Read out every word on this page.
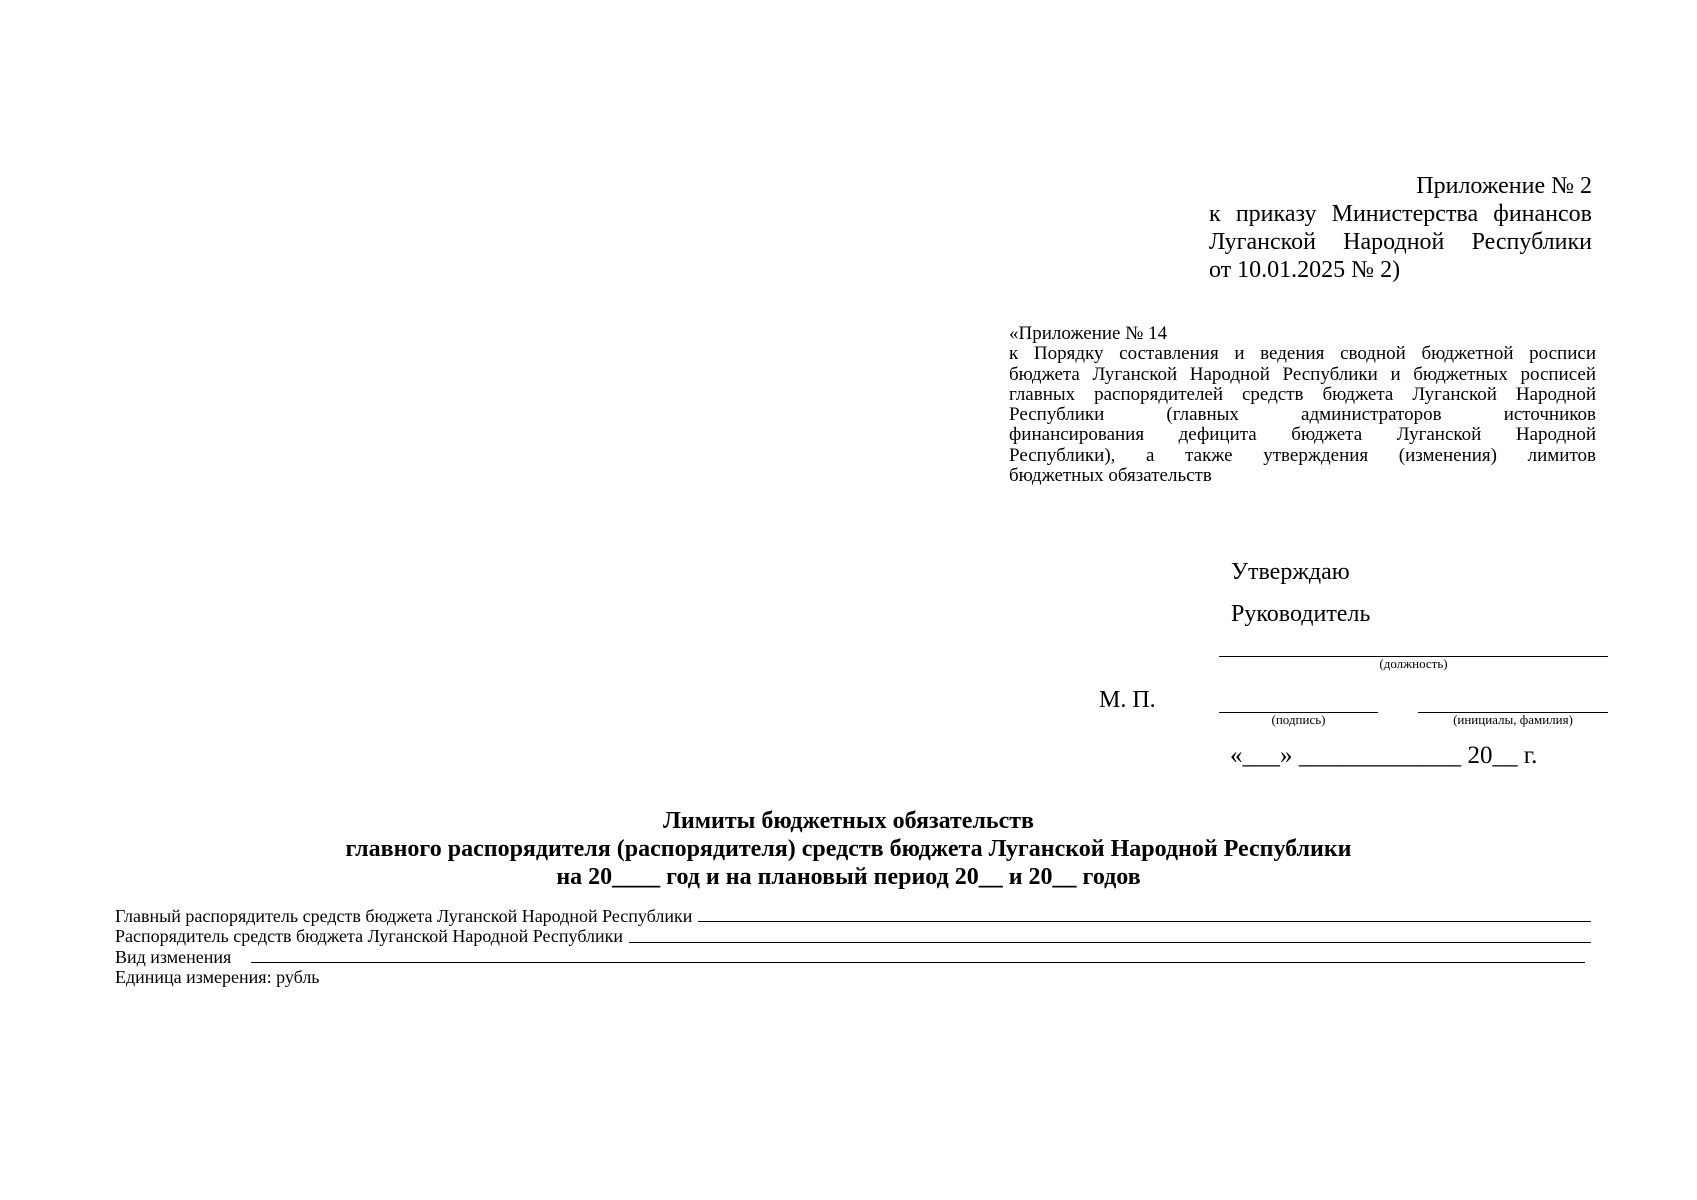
Приложение № 2
к приказу Министерства финансов
Луганской Народной Республики
от 10.01.2025 № 2)
«Приложение № 14
к Порядку составления и ведения сводной бюджетной росписи
бюджета Луганской Народной Республики и бюджетных росписей
главных распорядителей средств бюджета Луганской Народной
Республики (главных администраторов источников
финансирования дефицита бюджета Луганской Народной
Республики), а также утверждения (изменения) лимитов
бюджетных обязательств
Утверждаю
Руководитель
(должность)
М. П.
(подпись)	(инициалы, фамилия)
«___» _____________ 20__ г.
Лимиты бюджетных обязательств
главного распорядителя (распорядителя) средств бюджета Луганской Народной Республики
на 20____ год и на плановый период 20__ и 20__ годов
Главный распорядитель средств бюджета Луганской Народной Республики
Распорядитель средств бюджета Луганской Народной Республики
Вид изменения
Единица измерения: рубль
